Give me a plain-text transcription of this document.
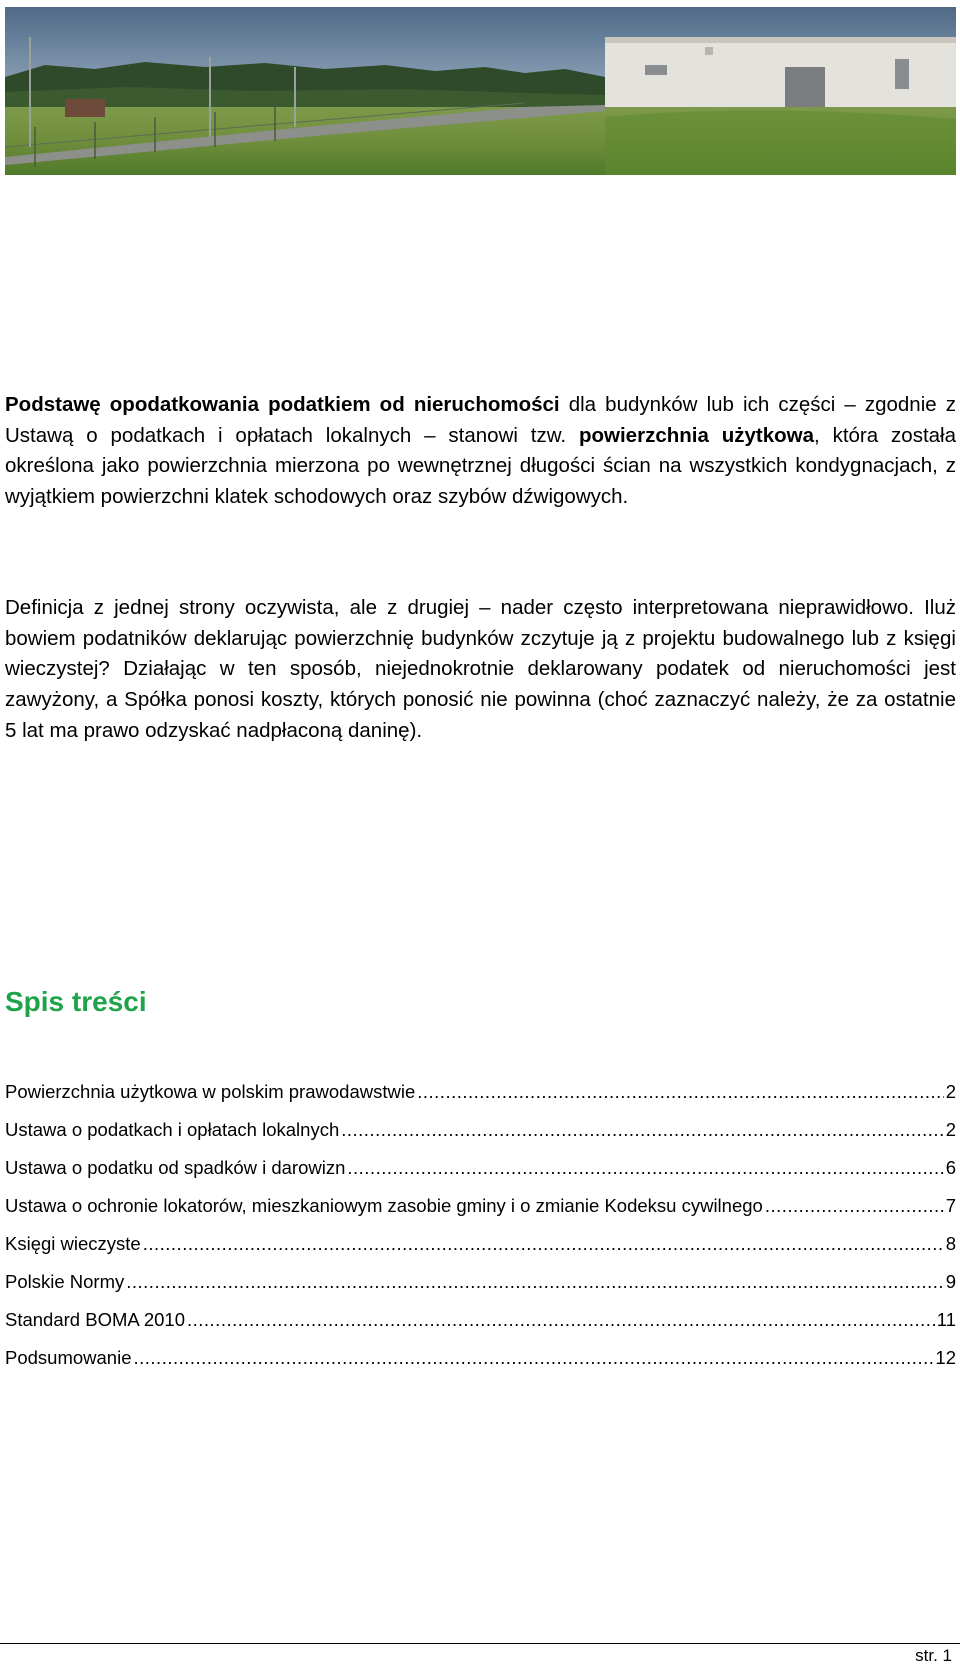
Podstawę opodatkowania podatkiem od nieruchomości dla budynków lub ich części – zgodnie z Ustawą o podatkach i opłatach lokalnych – stanowi tzw. powierzchnia użytkowa, która została określona jako powierzchnia mierzona po wewnętrznej długości ścian na wszystkich kondygnacjach, z wyjątkiem powierzchni klatek schodowych oraz szybów dźwigowych.

Definicja z jednej strony oczywista, ale z drugiej – nader często interpretowana nieprawidłowo. Iluż bowiem podatników deklarując powierzchnię budynków zczytuje ją z projektu budowalnego lub z księgi wieczystej? Działając w ten sposób, niejednokrotnie deklarowany podatek od nieruchomości jest zawyżony, a Spółka ponosi koszty, których ponosić nie powinna (choć zaznaczyć należy, że za ostatnie 5 lat ma prawo odzyskać nadpłaconą daninę).

Spis treści
Powierzchnia użytkowa w polskim prawodawstwie .....	2
Ustawa o podatkach i opłatach lokalnych .....	2
Ustawa o podatku od spadków i darowizn .....	6
Ustawa o ochronie lokatorów, mieszkaniowym zasobie gminy i o zmianie Kodeksu cywilnego .....	7
Księgi wieczyste .....	8
Polskie Normy .....	9
Standard BOMA 2010 .....	11
Podsumowanie .....	12
str. 1
